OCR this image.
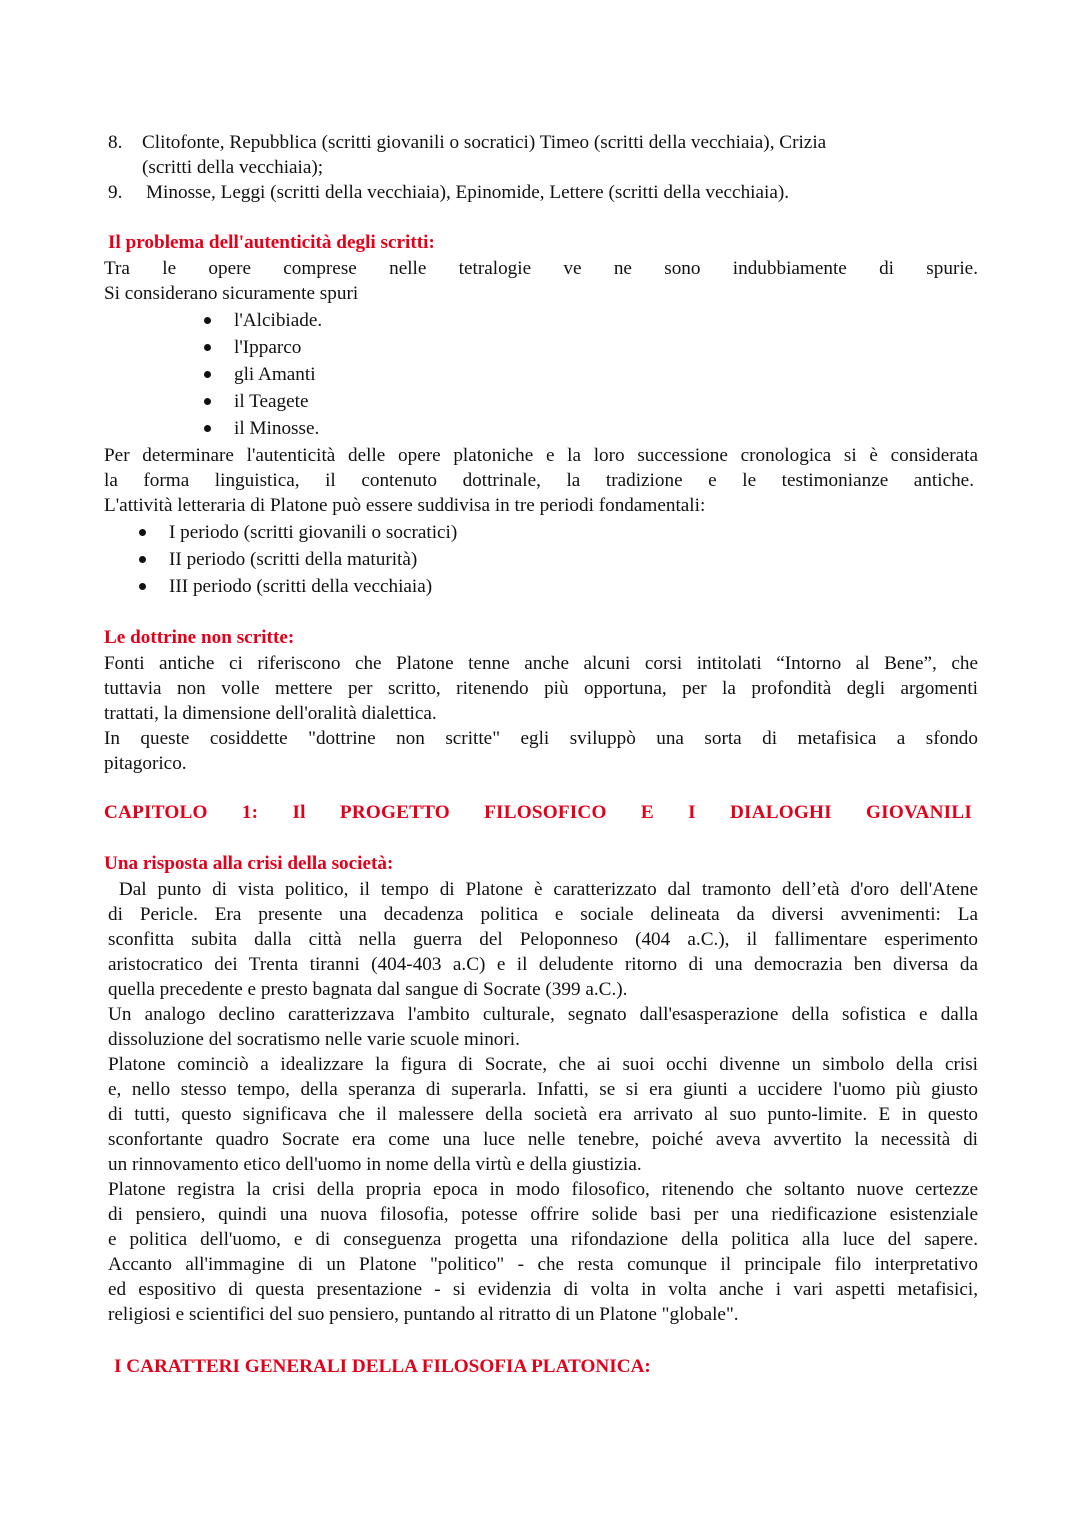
8. Clitofonte, Repubblica (scritti giovanili o socratici) Timeo (scritti della vecchiaia), Crizia
(scritti della vecchiaia);
9. Minosse, Leggi (scritti della vecchiaia), Epinomide, Lettere (scritti della vecchiaia).
Il problema dell'autenticità degli scritti:

Tra le opere comprese nelle tetralogie ve ne sono indubbiamente di spurie.

Si considerano sicuramente spuri

l'Alcibiade.
l'Ipparco
gli Amanti
il Teagete
il Minosse.

Per determinare l'autenticità delle opere platoniche e la loro successione cronologica si è considerata

la forma linguistica, il contenuto dottrinale, la tradizione e le testimonianze antiche.

L'attività letteraria di Platone può essere suddivisa in tre periodi fondamentali:

I periodo (scritti giovanili o socratici)
II periodo (scritti della maturità)
III periodo (scritti della vecchiaia)
Le dottrine non scritte:

Fonti antiche ci riferiscono che Platone tenne anche alcuni corsi intitolati “Intorno al Bene”, che

tuttavia non volle mettere per scritto, ritenendo più opportuna, per la profondità degli argomenti

trattati, la dimensione dell'oralità dialettica.

In queste cosiddette "dottrine non scritte" egli sviluppò una sorta di metafisica a sfondo

pitagorico.

CAPITOLO 1: Il PROGETTO FILOSOFICO E I DIALOGHI GIOVANILI
Una risposta alla crisi della società:

Dal punto di vista politico, il tempo di Platone è caratterizzato dal tramonto dell’età d'oro dell'Atene

di Pericle. Era presente una decadenza politica e sociale delineata da diversi avvenimenti: La

sconfitta subita dalla città nella guerra del Peloponneso (404 a.C.), il fallimentare esperimento

aristocratico dei Trenta tiranni (404-403 a.C) e il deludente ritorno di una democrazia ben diversa da

quella precedente e presto bagnata dal sangue di Socrate (399 a.C.).

Un analogo declino caratterizzava l'ambito culturale, segnato dall'esasperazione della sofistica e dalla

dissoluzione del socratismo nelle varie scuole minori.

Platone cominciò a idealizzare la figura di Socrate, che ai suoi occhi divenne un simbolo della crisi

e, nello stesso tempo, della speranza di superarla. Infatti, se si era giunti a uccidere l'uomo più giusto

di tutti, questo significava che il malessere della società era arrivato al suo punto-limite. E in questo

sconfortante quadro Socrate era come una luce nelle tenebre, poiché aveva avvertito la necessità di

un rinnovamento etico dell'uomo in nome della virtù e della giustizia.

Platone registra la crisi della propria epoca in modo filosofico, ritenendo che soltanto nuove certezze

di pensiero, quindi una nuova filosofia, potesse offrire solide basi per una riedificazione esistenziale

e politica dell'uomo, e di conseguenza progetta una rifondazione della politica alla luce del sapere.

Accanto all'immagine di un Platone "politico" - che resta comunque il principale filo interpretativo

ed espositivo di questa presentazione - si evidenzia di volta in volta anche i vari aspetti metafisici,

religiosi e scientifici del suo pensiero, puntando al ritratto di un Platone "globale".

I CARATTERI GENERALI DELLA FILOSOFIA PLATONICA:
